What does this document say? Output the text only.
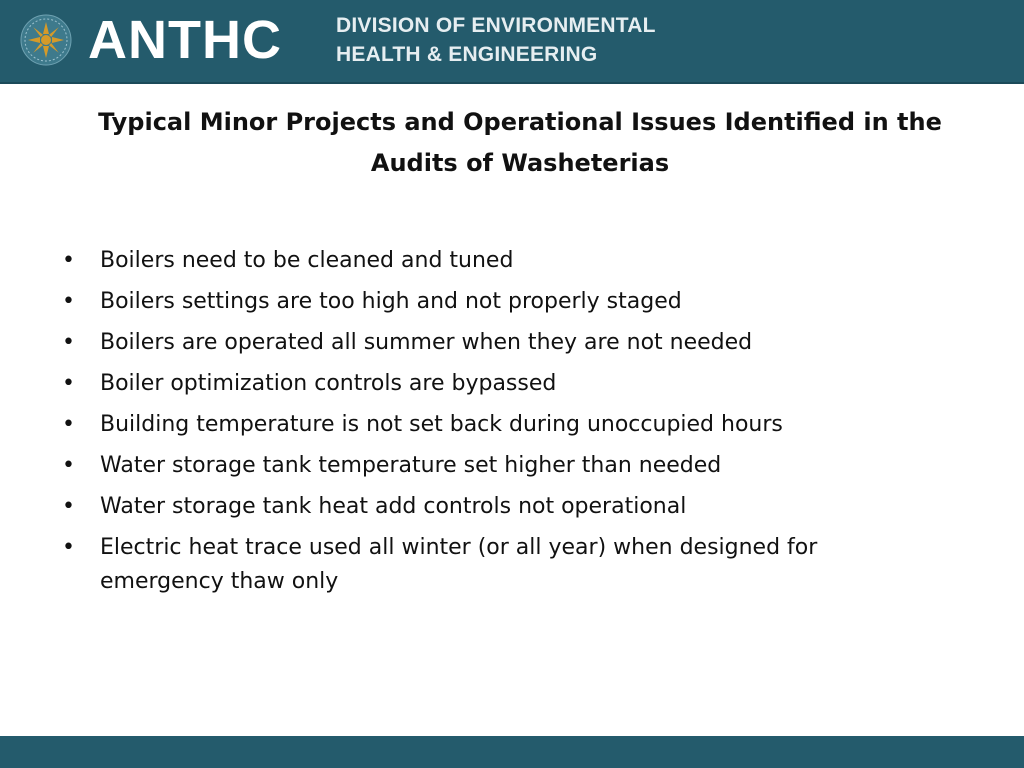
ANTHC	DIVISION OF ENVIRONMENTAL
HEALTH & ENGINEERING
Typical Minor Projects and Operational Issues Identified in the Audits of Washeterias
• Boilers need to be cleaned and tuned
• Boilers settings are too high and not properly staged
• Boilers are operated all summer when they are not needed
• Boiler optimization controls are bypassed
• Building temperature is not set back during unoccupied hours
• Water storage tank temperature set higher than needed
• Water storage tank heat add controls not operational
• Electric heat trace used all winter (or all year) when designed for emergency thaw only
